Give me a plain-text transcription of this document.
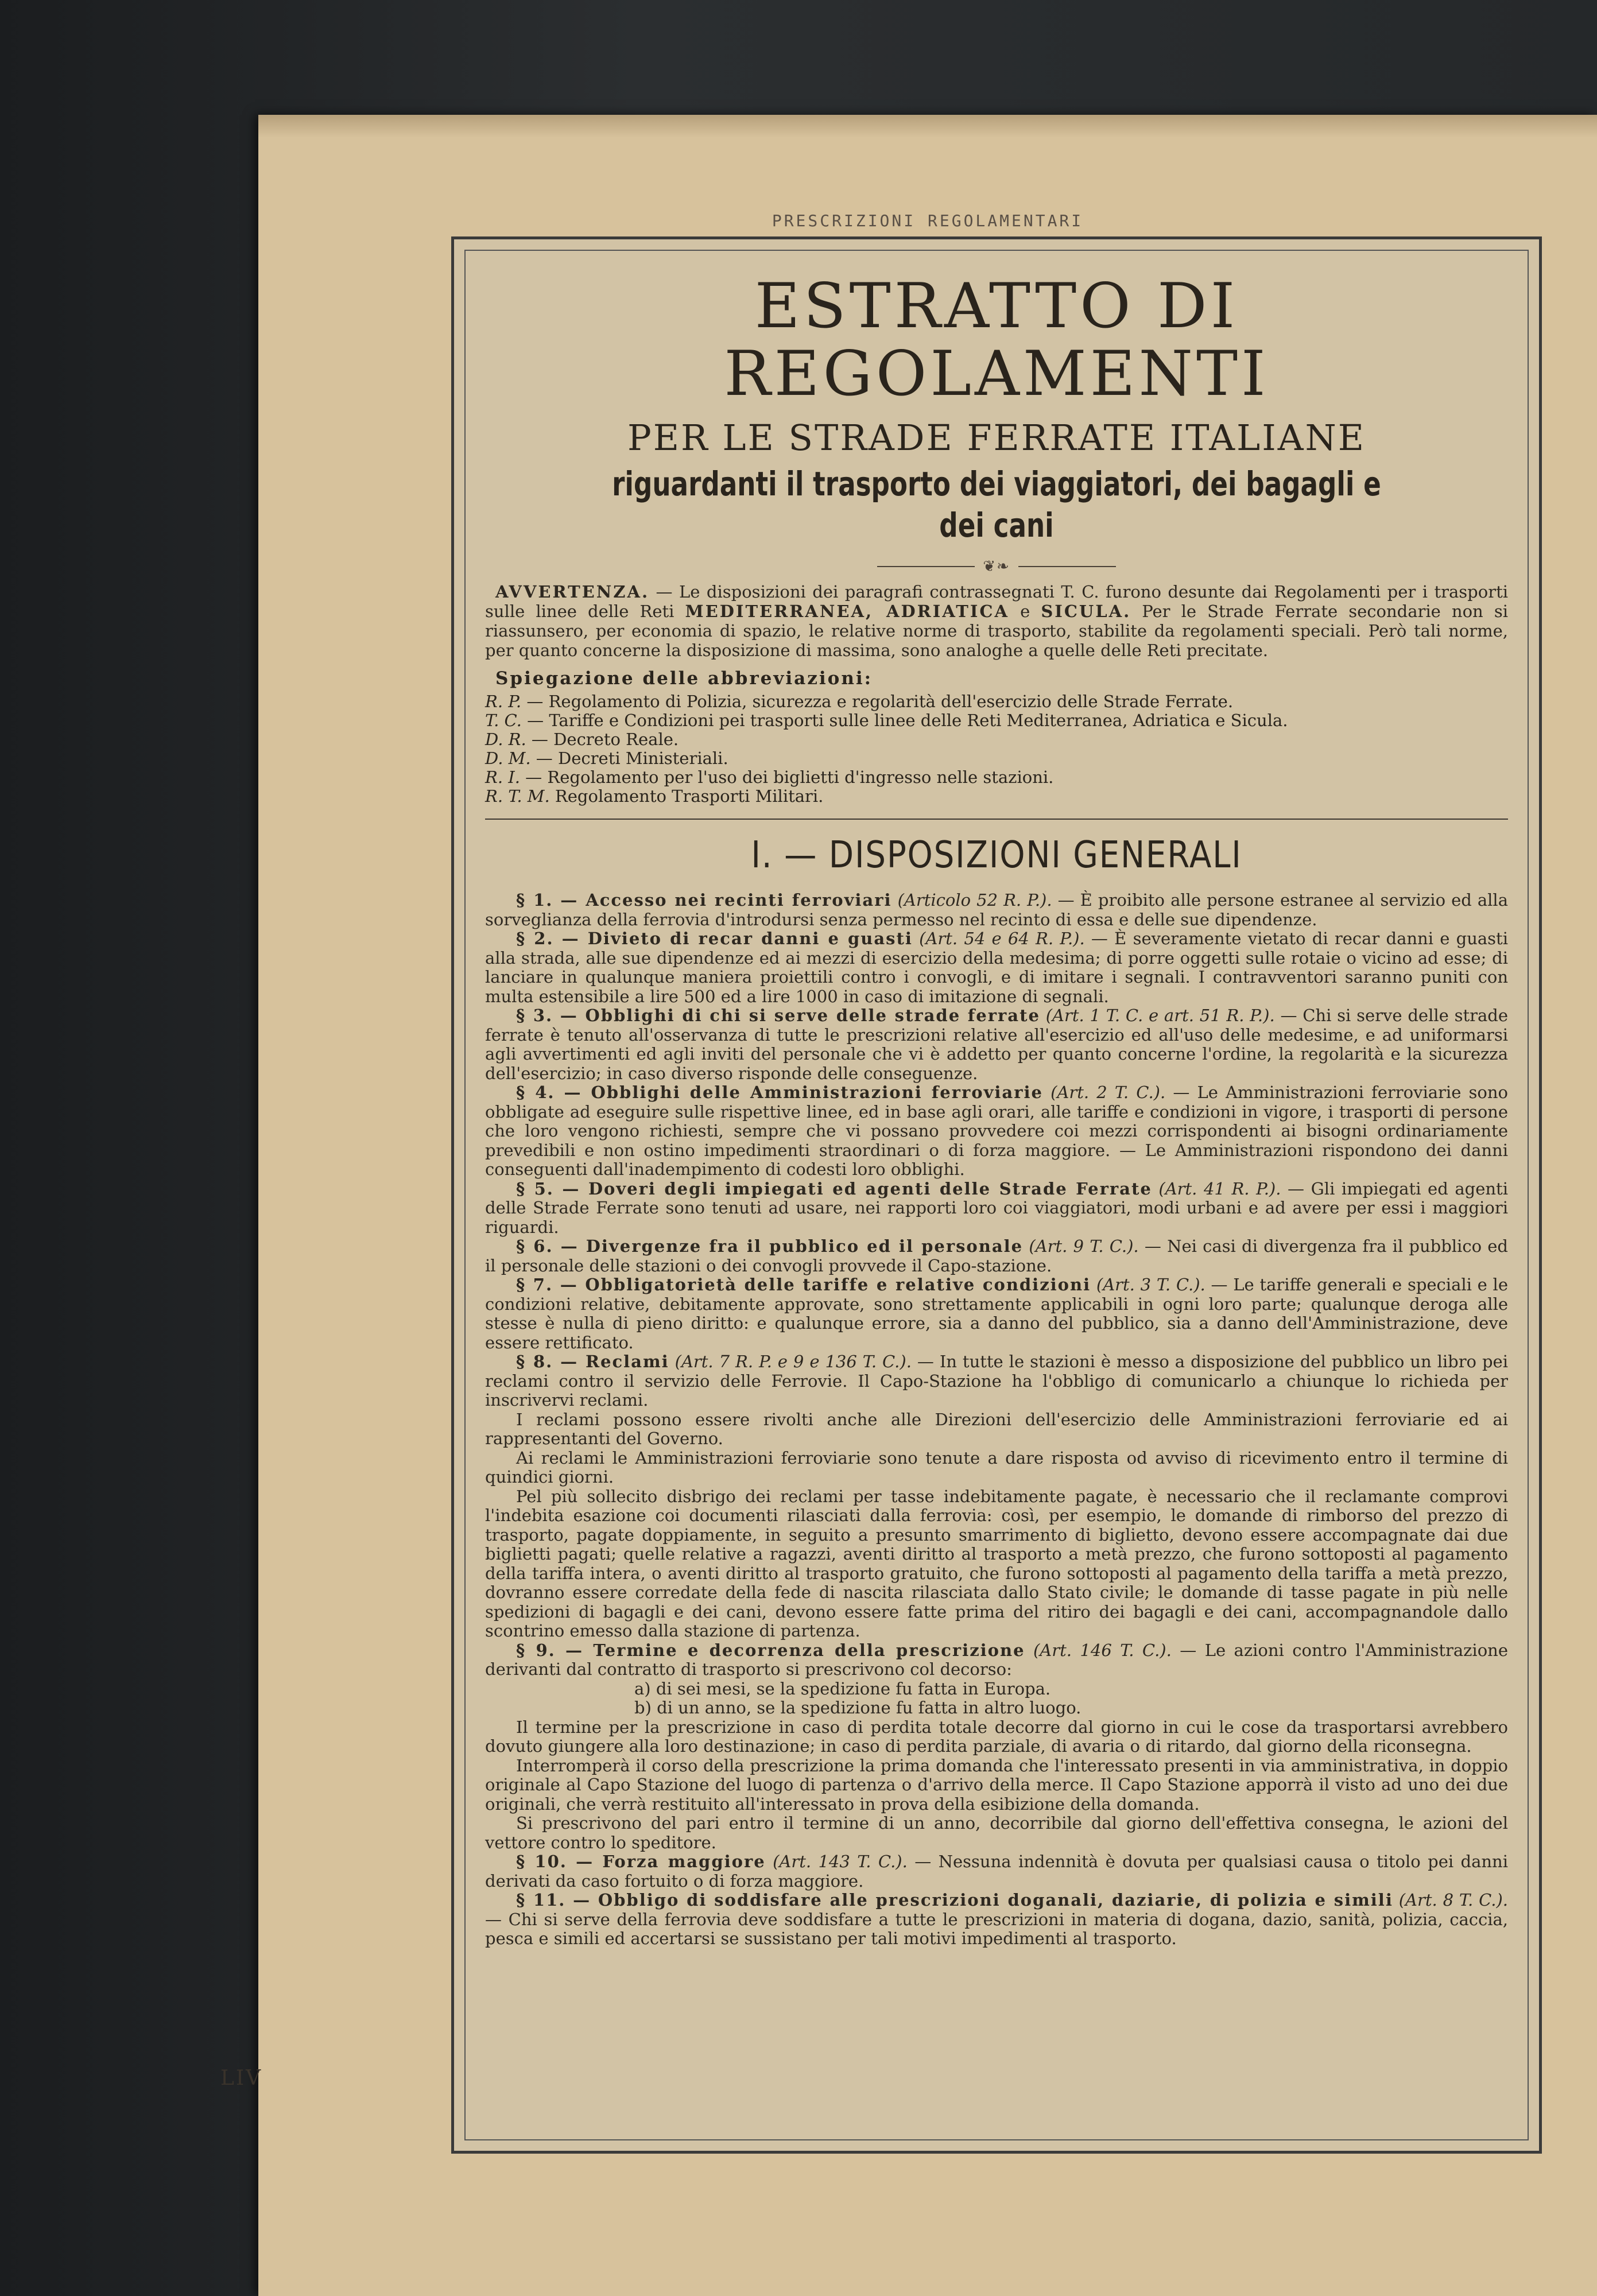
PRESCRIZIONI REGOLAMENTARI
LIV
ESTRATTO DI REGOLAMENTI
PER LE STRADE FERRATE ITALIANE
riguardanti il trasporto dei viaggiatori, dei bagagli e dei cani
❦❧

AVVERTENZA. — Le disposizioni dei paragrafi contrassegnati T. C. furono desunte dai Regolamenti per i trasporti sulle linee delle Reti MEDITERRANEA, ADRIATICA e SICULA. Per le Strade Ferrate secondarie non si riassunsero, per economia di spazio, le relative norme di trasporto, stabilite da regolamenti speciali. Però tali norme, per quanto concerne la disposizione di massima, sono analoghe a quelle delle Reti precitate.

Spiegazione delle abbreviazioni:
R. P. — Regolamento di Polizia, sicurezza e regolarità dell'esercizio delle Strade Ferrate.
T. C. — Tariffe e Condizioni pei trasporti sulle linee delle Reti Mediterranea, Adriatica e Sicula.
D. R. — Decreto Reale.
D. M. — Decreti Ministeriali.
R. I. — Regolamento per l'uso dei biglietti d'ingresso nelle stazioni.
R. T. M. Regolamento Trasporti Militari.
I. — DISPOSIZIONI GENERALI

§ 1. — Accesso nei recinti ferroviari (Articolo 52 R. P.). — È proibito alle persone estranee al servizio ed alla sorveglianza della ferrovia d'introdursi senza permesso nel recinto di essa e delle sue dipendenze.

§ 2. — Divieto di recar danni e guasti (Art. 54 e 64 R. P.). — È severamente vietato di recar danni e guasti alla strada, alle sue dipendenze ed ai mezzi di esercizio della medesima; di porre oggetti sulle rotaie o vicino ad esse; di lanciare in qualunque maniera proiettili contro i convogli, e di imitare i segnali. I contravventori saranno puniti con multa estensibile a lire 500 ed a lire 1000 in caso di imitazione di segnali.

§ 3. — Obblighi di chi si serve delle strade ferrate (Art. 1 T. C. e art. 51 R. P.). — Chi si serve delle strade ferrate è tenuto all'osservanza di tutte le prescrizioni relative all'esercizio ed all'uso delle medesime, e ad uniformarsi agli avvertimenti ed agli inviti del personale che vi è addetto per quanto concerne l'ordine, la regolarità e la sicurezza dell'esercizio; in caso diverso risponde delle conseguenze.

§ 4. — Obblighi delle Amministrazioni ferroviarie (Art. 2 T. C.). — Le Amministrazioni ferroviarie sono obbligate ad eseguire sulle rispettive linee, ed in base agli orari, alle tariffe e condizioni in vigore, i trasporti di persone che loro vengono richiesti, sempre che vi possano provvedere coi mezzi corrispondenti ai bisogni ordinariamente prevedibili e non ostino impedimenti straordinari o di forza maggiore. — Le Amministrazioni rispondono dei danni conseguenti dall'inadempimento di codesti loro obblighi.

§ 5. — Doveri degli impiegati ed agenti delle Strade Ferrate (Art. 41 R. P.). — Gli impiegati ed agenti delle Strade Ferrate sono tenuti ad usare, nei rapporti loro coi viaggiatori, modi urbani e ad avere per essi i maggiori riguardi.

§ 6. — Divergenze fra il pubblico ed il personale (Art. 9 T. C.). — Nei casi di divergenza fra il pubblico ed il personale delle stazioni o dei convogli provvede il Capo-stazione.

§ 7. — Obbligatorietà delle tariffe e relative condizioni (Art. 3 T. C.). — Le tariffe generali e speciali e le condizioni relative, debitamente approvate, sono strettamente applicabili in ogni loro parte; qualunque deroga alle stesse è nulla di pieno diritto: e qualunque errore, sia a danno del pubblico, sia a danno dell'Amministrazione, deve essere rettificato.

§ 8. — Reclami (Art. 7 R. P. e 9 e 136 T. C.). — In tutte le stazioni è messo a disposizione del pubblico un libro pei reclami contro il servizio delle Ferrovie. Il Capo-Stazione ha l'obbligo di comunicarlo a chiunque lo richieda per inscrivervi reclami.

I reclami possono essere rivolti anche alle Direzioni dell'esercizio delle Amministrazioni ferroviarie ed ai rappresentanti del Governo.

Ai reclami le Amministrazioni ferroviarie sono tenute a dare risposta od avviso di ricevimento entro il termine di quindici giorni.

Pel più sollecito disbrigo dei reclami per tasse indebitamente pagate, è necessario che il reclamante comprovi l'indebita esazione coi documenti rilasciati dalla ferrovia: così, per esempio, le domande di rimborso del prezzo di trasporto, pagate doppiamente, in seguito a presunto smarrimento di biglietto, devono essere accompagnate dai due biglietti pagati; quelle relative a ragazzi, aventi diritto al trasporto a metà prezzo, che furono sottoposti al pagamento della tariffa intera, o aventi diritto al trasporto gratuito, che furono sottoposti al pagamento della tariffa a metà prezzo, dovranno essere corredate della fede di nascita rilasciata dallo Stato civile; le domande di tasse pagate in più nelle spedizioni di bagagli e dei cani, devono essere fatte prima del ritiro dei bagagli e dei cani, accompagnandole dallo scontrino emesso dalla stazione di partenza.

§ 9. — Termine e decorrenza della prescrizione (Art. 146 T. C.). — Le azioni contro l'Amministrazione derivanti dal contratto di trasporto si prescrivono col decorso:

a) di sei mesi, se la spedizione fu fatta in Europa.

b) di un anno, se la spedizione fu fatta in altro luogo.

Il termine per la prescrizione in caso di perdita totale decorre dal giorno in cui le cose da trasportarsi avrebbero dovuto giungere alla loro destinazione; in caso di perdita parziale, di avaria o di ritardo, dal giorno della riconsegna.

Interromperà il corso della prescrizione la prima domanda che l'interessato presenti in via amministrativa, in doppio originale al Capo Stazione del luogo di partenza o d'arrivo della merce. Il Capo Stazione apporrà il visto ad uno dei due originali, che verrà restituito all'interessato in prova della esibizione della domanda.

Si prescrivono del pari entro il termine di un anno, decorribile dal giorno dell'effettiva consegna, le azioni del vettore contro lo speditore.

§ 10. — Forza maggiore (Art. 143 T. C.). — Nessuna indennità è dovuta per qualsiasi causa o titolo pei danni derivati da caso fortuito o di forza maggiore.

§ 11. — Obbligo di soddisfare alle prescrizioni doganali, daziarie, di polizia e simili (Art. 8 T. C.). — Chi si serve della ferrovia deve soddisfare a tutte le prescrizioni in materia di dogana, dazio, sanità, polizia, caccia, pesca e simili ed accertarsi se sussistano per tali motivi impedimenti al trasporto.
